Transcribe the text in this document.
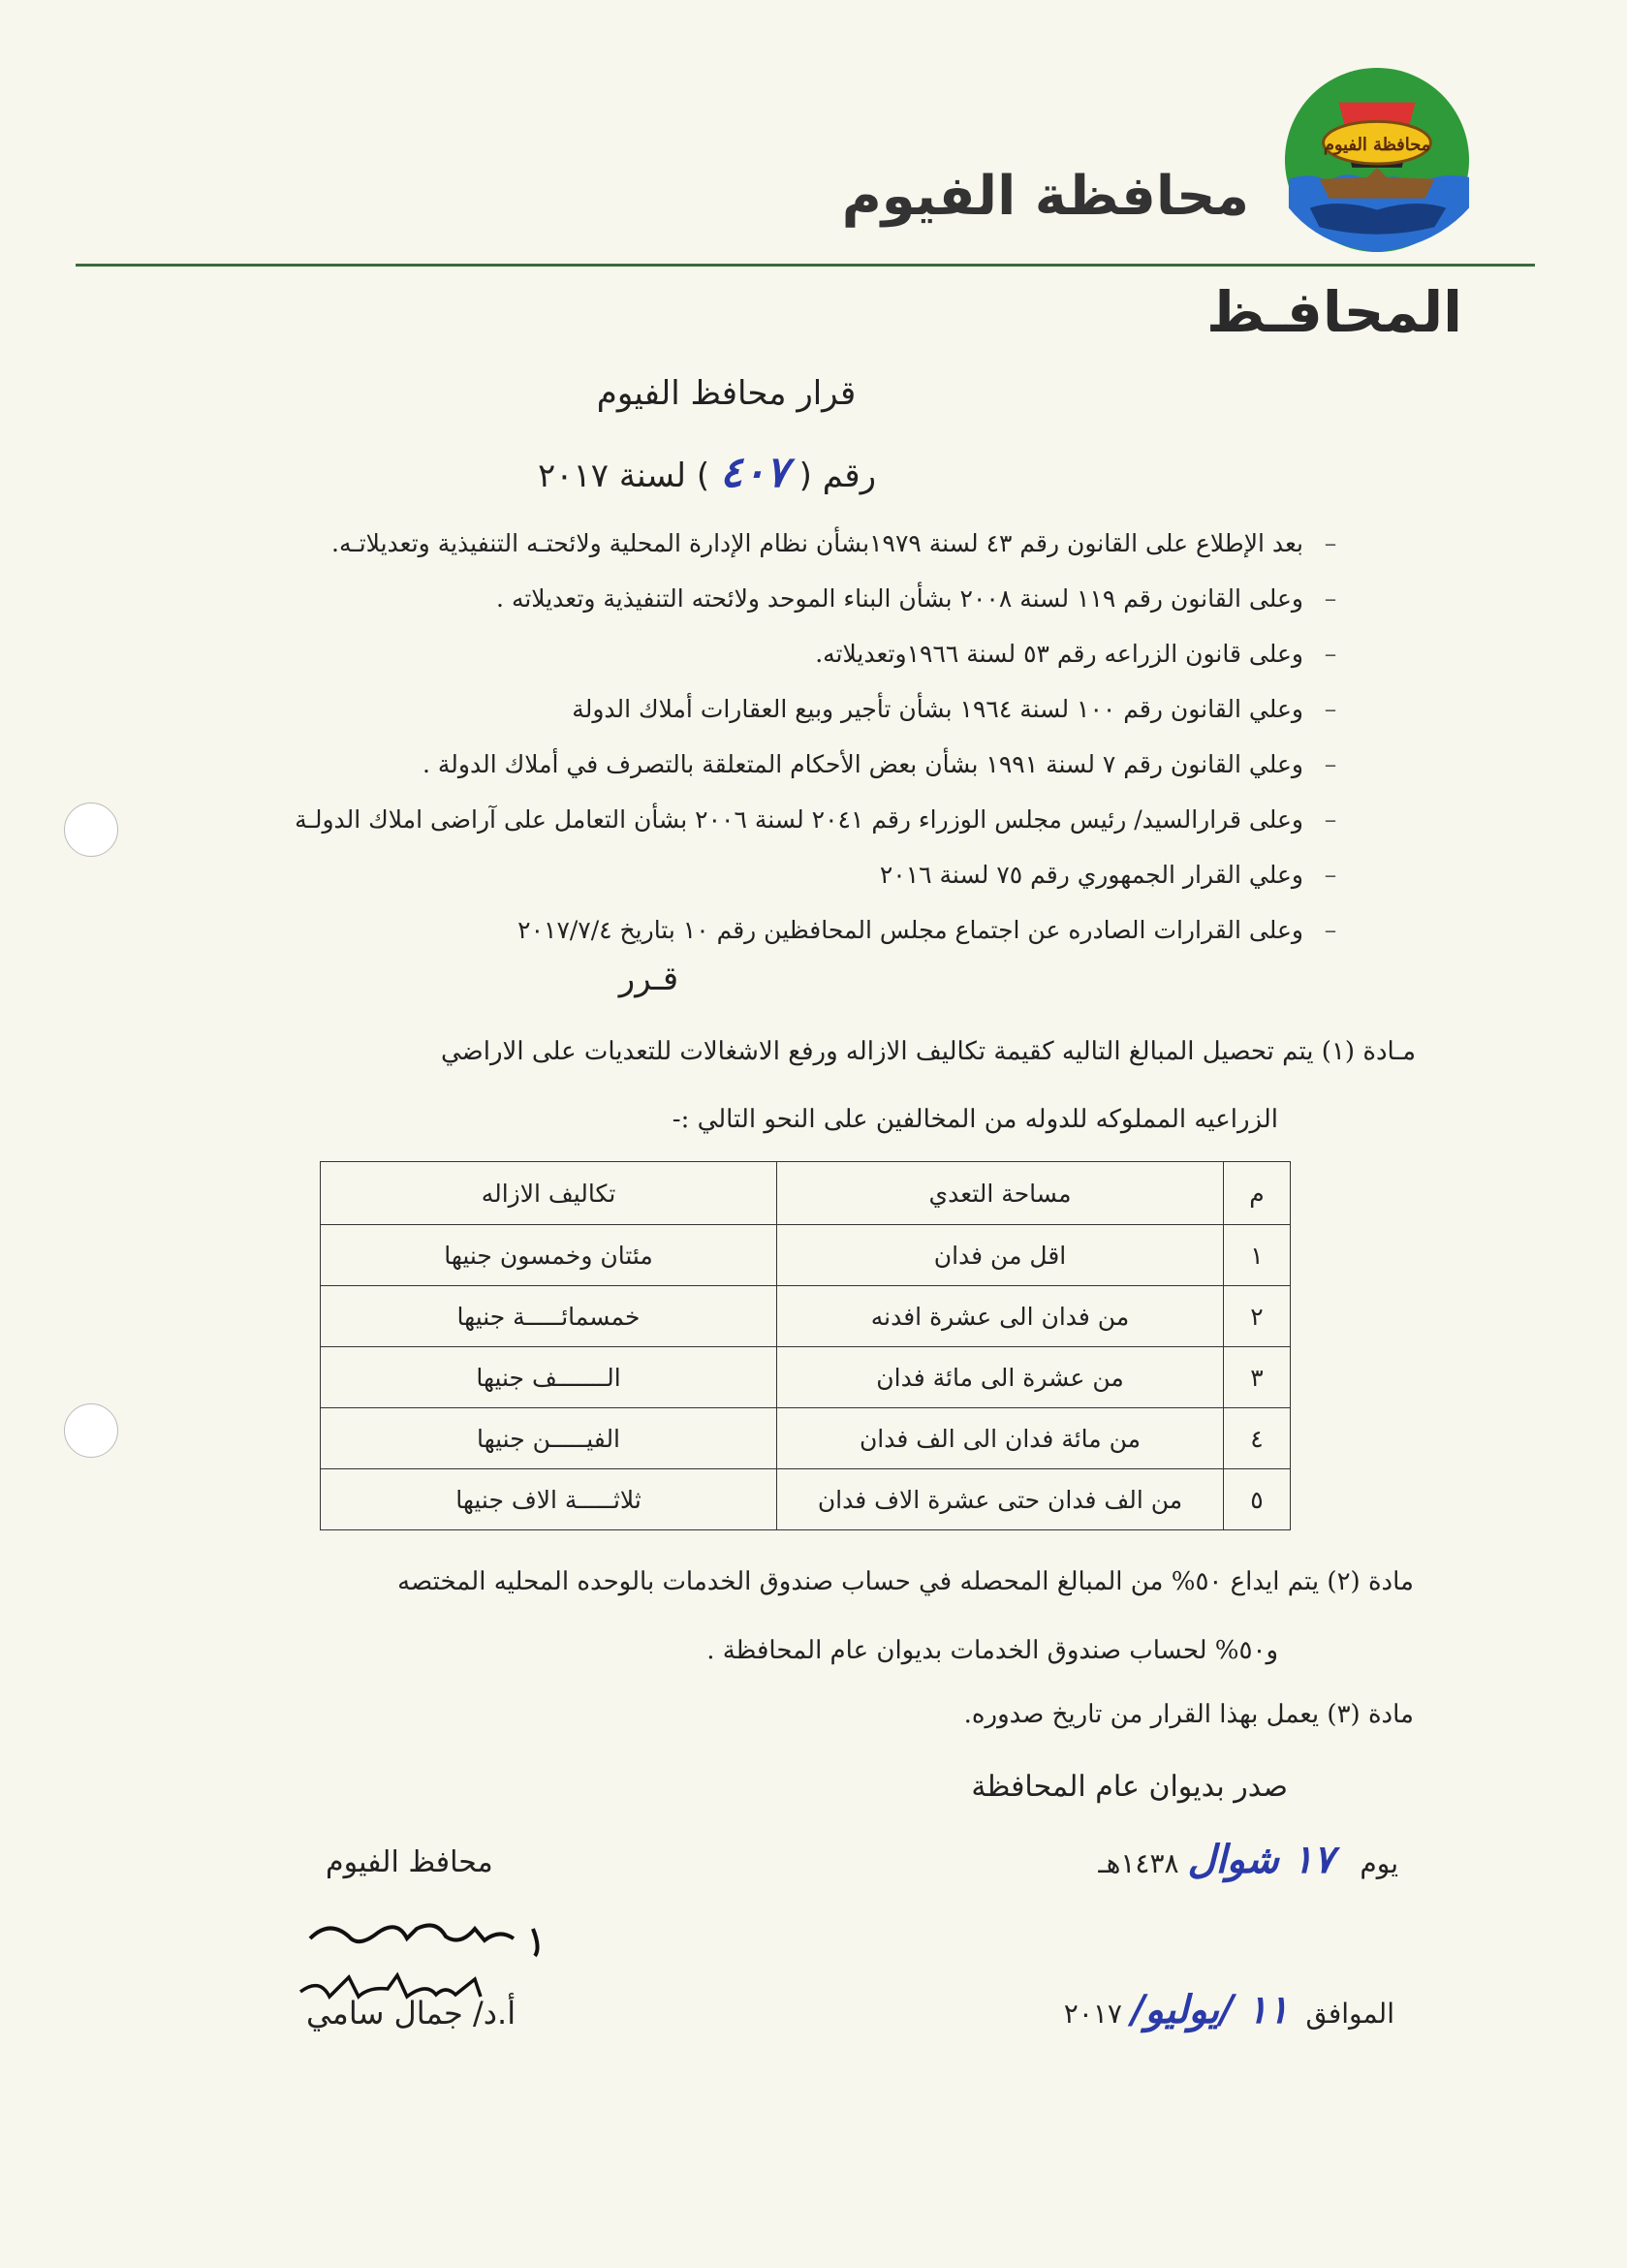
محافظة الفيوم
محافظة الفيوم
المحافـظ
قرار محافظ الفيوم
رقم ( ٤٠٧ ) لسنة ٢٠١٧
–بعد الإطلاع على القانون رقم ٤٣ لسنة ١٩٧٩بشأن نظام الإدارة المحلية ولائحتـه التنفيذية وتعديلاتـه.
–وعلى القانون رقم ١١٩ لسنة ٢٠٠٨ بشأن البناء الموحد ولائحته التنفيذية وتعديلاته .
–وعلى قانون الزراعه رقم ٥٣ لسنة ١٩٦٦وتعديلاته.
–وعلي القانون رقم ١٠٠ لسنة ١٩٦٤ بشأن تأجير وبيع العقارات أملاك الدولة
–وعلي القانون رقم ٧ لسنة ١٩٩١ بشأن بعض الأحكام المتعلقة بالتصرف في أملاك الدولة .
–وعلى قرارالسيد/ رئيس مجلس الوزراء رقم ٢٠٤١ لسنة ٢٠٠٦ بشأن التعامل على آراضى املاك الدولـة
–وعلي القرار الجمهوري رقم ٧٥ لسنة ٢٠١٦
–وعلى القرارات الصادره عن اجتماع مجلس المحافظين رقم ١٠ بتاريخ ٢٠١٧/٧/٤
قـرر
مـادة (١) يتم تحصيل المبالغ التاليه كقيمة تكاليف الازاله ورفع الاشغالات للتعديات على الاراضي
الزراعيه المملوكه للدوله من المخالفين على النحو التالي :-
م	مساحة التعدي	تكاليف الازاله
١	اقل من فدان	مئتان وخمسون جنيها
٢	من فدان الى عشرة افدنه	خمسمائـــــة جنيها
٣	من عشرة الى مائة فدان	الـــــــف جنيها
٤	من مائة فدان الى الف فدان	الفيـــــن جنيها
٥	من الف فدان حتى عشرة الاف فدان	ثلاثـــــة الاف جنيها
مادة (٢) يتم ايداع ٥٠% من المبالغ المحصله في حساب صندوق الخدمات بالوحده المحليه المختصه
و٥٠% لحساب صندوق الخدمات بديوان عام المحافظة .
مادة (٣) يعمل بهذا القرار من تاريخ صدوره.
صدر بديوان عام المحافظة
يوم   ١٧ شوال ١٤٣٨هـ
الموافق  ١١ /يوليو/ ٢٠١٧
محافظ الفيوم
أ.د/ جمال سامي
